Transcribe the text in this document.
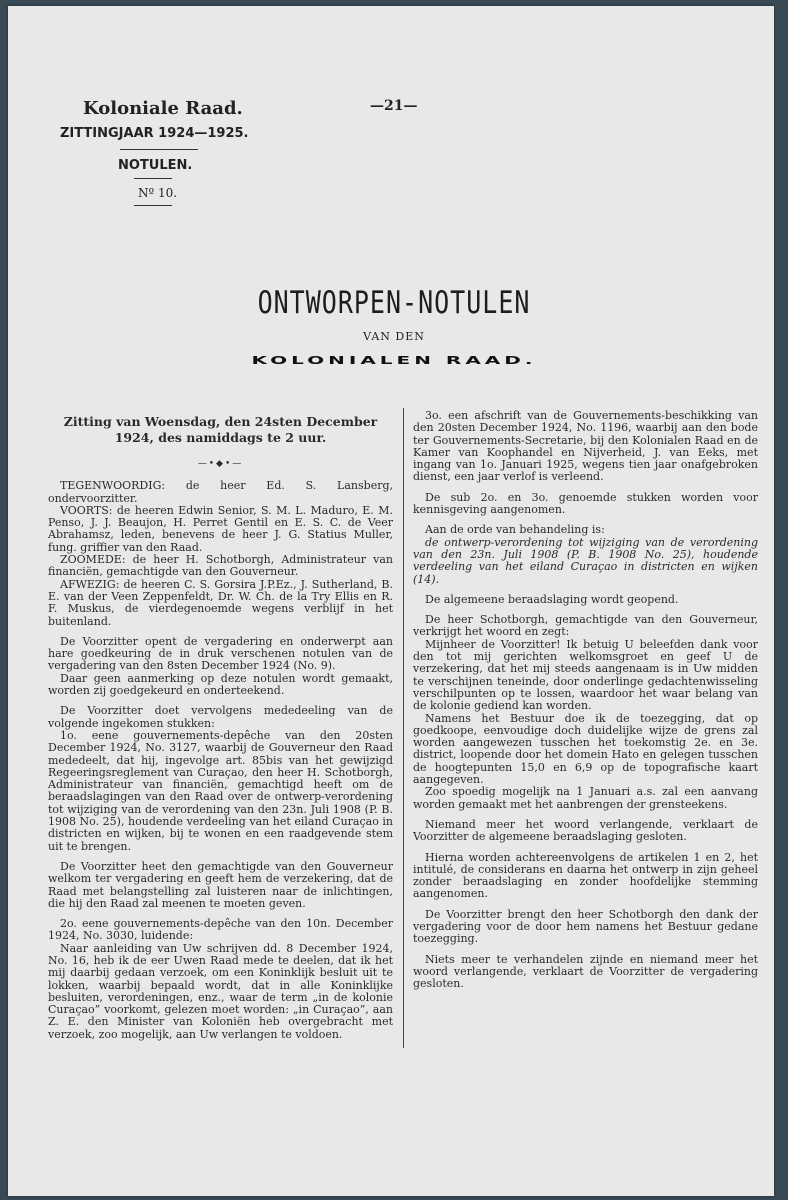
Koloniale Raad.	—21—
ZITTINGJAAR 1924—1925.
NOTULEN.
Nº 10.
ONTWORPEN-NOTULEN
VAN DEN
KOLONIALEN RAAD.

Zitting van Woensdag, den 24sten December 1924, des namiddags te 2 uur.

—•◆•—

TEGENWOORDIG: de heer Ed. S. Lansberg, ondervoorzitter.

VOORTS: de heeren Edwin Senior, S. M. L. Maduro, E. M. Penso, J. J. Beaujon, H. Perret Gentil en E. S. C. de Veer Abrahamsz, leden, benevens de heer J. G. Statius Muller, fung. griffier van den Raad.

ZOOMEDE: de heer H. Schotborgh, Administrateur van financiën, gemachtigde van den Gouverneur.

AFWEZIG: de heeren C. S. Gorsira J.P.Ez., J. Sutherland, B. E. van der Veen Zeppenfeldt, Dr. W. Ch. de la Try Ellis en R. F. Muskus, de vierdegenoemde wegens verblijf in het buitenland.

De Voorzitter opent de vergadering en onderwerpt aan hare goedkeuring de in druk verschenen notulen van de vergadering van den 8sten December 1924 (No. 9).

Daar geen aanmerking op deze notulen wordt gemaakt, worden zij goedgekeurd en onderteekend.

De Voorzitter doet vervolgens mededeeling van de volgende ingekomen stukken:

1o. eene gouvernements-depêche van den 20sten December 1924, No. 3127, waarbij de Gouverneur den Raad mededeelt, dat hij, ingevolge art. 85bis van het gewijzigd Regeeringsreglement van Curaçao, den heer H. Schotborgh, Administrateur van financiën, gemachtigd heeft om de beraadslagingen van den Raad over de ontwerp-verordening tot wijziging van de verordening van den 23n. Juli 1908 (P. B. 1908 No. 25), houdende verdeeling van het eiland Curaçao in districten en wijken, bij te wonen en een raadgevende stem uit te brengen.

De Voorzitter heet den gemachtigde van den Gouverneur welkom ter vergadering en geeft hem de verzekering, dat de Raad met belangstelling zal luisteren naar de inlichtingen, die hij den Raad zal meenen te moeten geven.

2o. eene gouvernements-depêche van den 10n. December 1924, No. 3030, luidende:

Naar aanleiding van Uw schrijven dd. 8 December 1924, No. 16, heb ik de eer Uwen Raad mede te deelen, dat ik het mij daarbij gedaan verzoek, om een Koninklijk besluit uit te lokken, waarbij bepaald wordt, dat in alle Koninklijke besluiten, verordeningen, enz., waar de term „in de kolonie Curaçao” voorkomt, gelezen moet worden: „in Curaçao”, aan Z. E. den Minister van Koloniën heb overgebracht met verzoek, zoo mogelijk, aan Uw verlangen te voldoen.

3o. een afschrift van de Gouvernements-beschikking van den 20sten December 1924, No. 1196, waarbij aan den bode ter Gouvernements-Secretarie, bij den Kolonialen Raad en de Kamer van Koophandel en Nijverheid, J. van Eeks, met ingang van 1o. Januari 1925, wegens tien jaar onafgebroken dienst, een jaar verlof is verleend.

De sub 2o. en 3o. genoemde stukken worden voor kennisgeving aangenomen.

Aan de orde van behandeling is:

de ontwerp-verordening tot wijziging van de verordening van den 23n. Juli 1908 (P. B. 1908 No. 25), houdende verdeeling van het eiland Curaçao in districten en wijken (14).

De algemeene beraadslaging wordt geopend.

De heer Schotborgh, gemachtigde van den Gouverneur, verkrijgt het woord en zegt:

Mijnheer de Voorzitter! Ik betuig U beleefden dank voor den tot mij gerichten welkomsgroet en geef U de verzekering, dat het mij steeds aangenaam is in Uw midden te verschijnen teneinde, door onderlinge gedachtenwisseling verschilpunten op te lossen, waardoor het waar belang van de kolonie gediend kan worden.

Namens het Bestuur doe ik de toezegging, dat op goedkoope, eenvoudige doch duidelijke wijze de grens zal worden aangewezen tusschen het toekomstig 2e. en 3e. district, loopende door het domein Hato en gelegen tusschen de hoogtepunten 15,0 en 6,9 op de topografische kaart aangegeven.

Zoo spoedig mogelijk na 1 Januari a.s. zal een aanvang worden gemaakt met het aanbrengen der grensteekens.

Niemand meer het woord verlangende, verklaart de Voorzitter de algemeene beraadslaging gesloten.

Hierna worden achtereenvolgens de artikelen 1 en 2, het intitulé, de considerans en daarna het ontwerp in zijn geheel zonder beraadslaging en zonder hoofdelijke stemming aangenomen.

De Voorzitter brengt den heer Schotborgh den dank der vergadering voor de door hem namens het Bestuur gedane toezegging.

Niets meer te verhandelen zijnde en niemand meer het woord verlangende, verklaart de Voorzitter de vergadering gesloten.
